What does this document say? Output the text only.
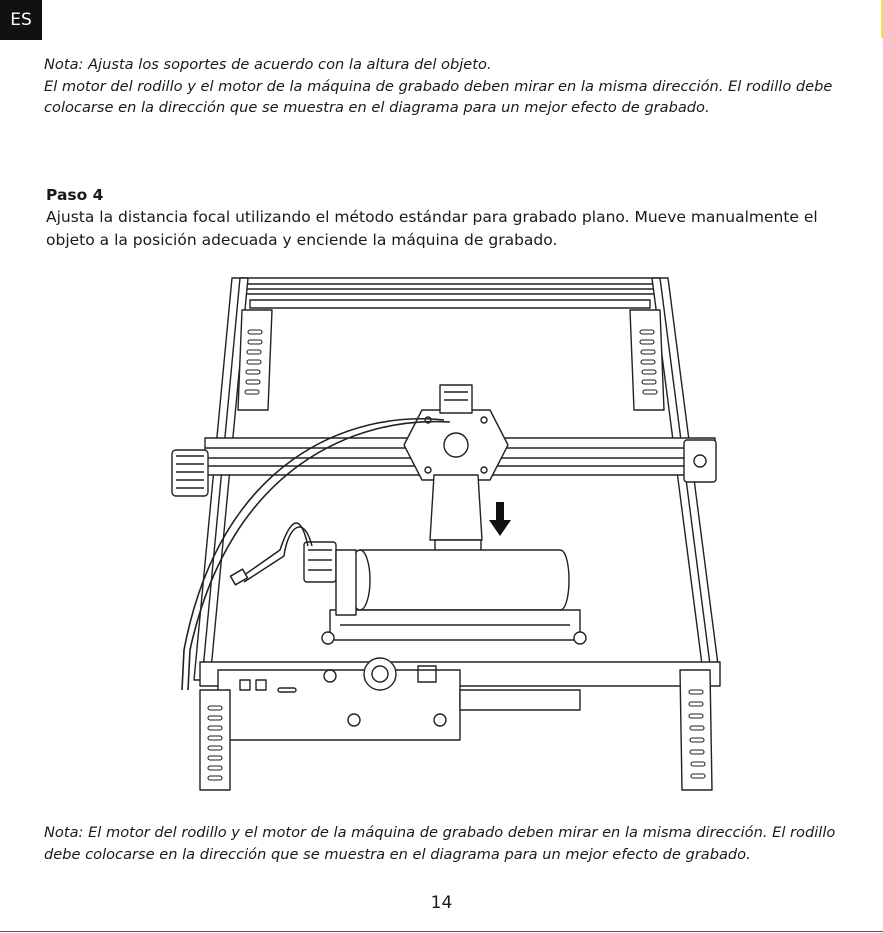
ES
Nota: Ajusta los soportes de acuerdo con la altura del objeto.
El motor del rodillo y el motor de la máquina de grabado deben mirar en la misma dirección. El rodillo debe colocarse en la dirección que se muestra en el diagrama para un mejor efecto de grabado.
Paso 4

Ajusta la distancia focal utilizando el método estándar para grabado plano. Mueve manualmente el objeto a la posición adecuada y enciende la máquina de grabado.

Nota: El motor del rodillo y el motor de la máquina de grabado deben mirar en la misma dirección. El rodillo debe colocarse en la dirección que se muestra en el diagrama para un mejor efecto de grabado.
14
